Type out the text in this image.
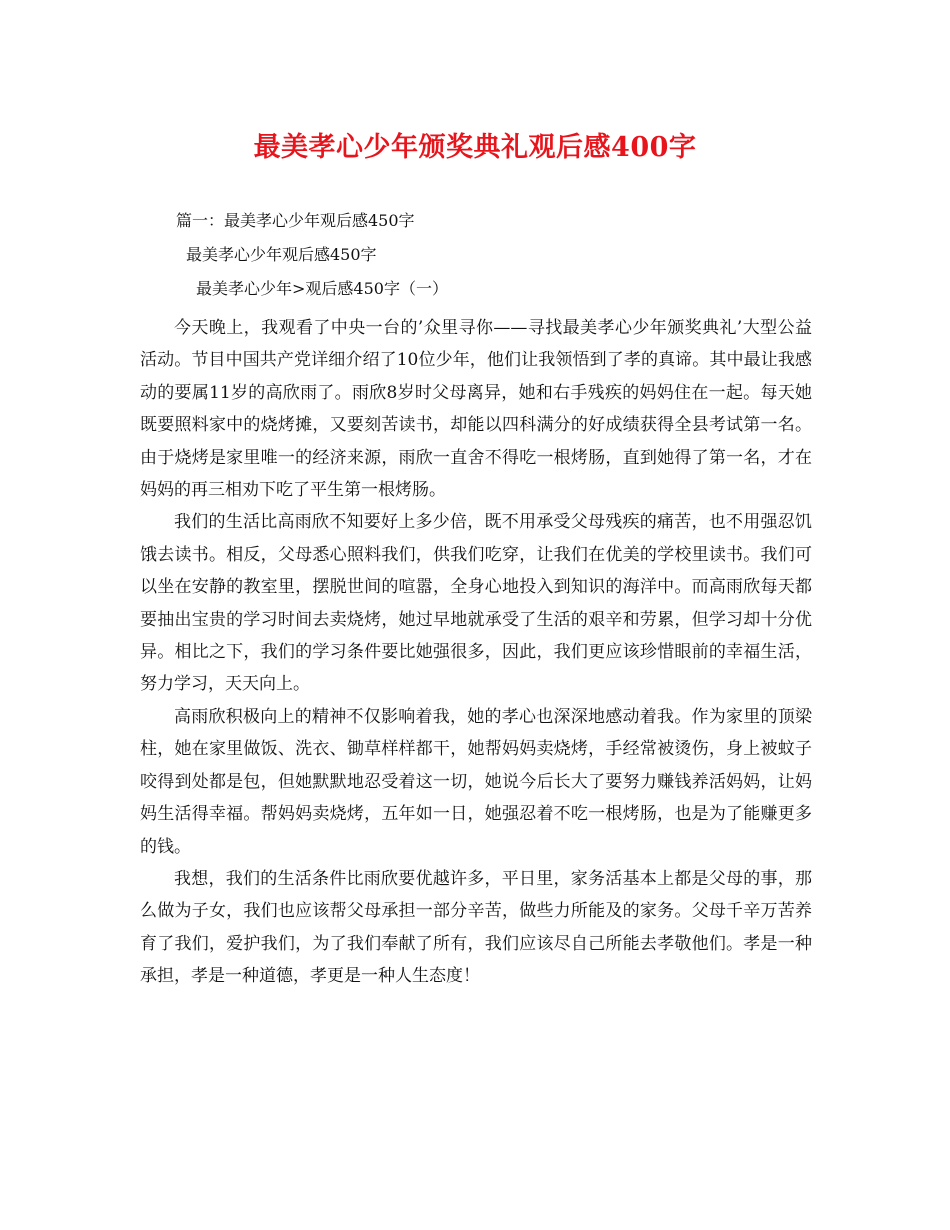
最美孝心少年颁奖典礼观后感400字
篇一：最美孝心少年观后感450字
最美孝心少年观后感450字
最美孝心少年>观后感450字（一）

今天晚上，我观看了中央一台的’众里寻你——寻找最美孝心少年颁奖典礼’大型公益活动。节目中国共产党详细介绍了10位少年，他们让我领悟到了孝的真谛。其中最让我感动的要属11岁的高欣雨了。雨欣8岁时父母离异，她和右手残疾的妈妈住在一起。每天她既要照料家中的烧烤摊，又要刻苦读书，却能以四科满分的好成绩获得全县考试第一名。由于烧烤是家里唯一的经济来源，雨欣一直舍不得吃一根烤肠，直到她得了第一名，才在妈妈的再三相劝下吃了平生第一根烤肠。

我们的生活比高雨欣不知要好上多少倍，既不用承受父母残疾的痛苦，也不用强忍饥饿去读书。相反，父母悉心照料我们，供我们吃穿，让我们在优美的学校里读书。我们可以坐在安静的教室里，摆脱世间的喧嚣，全身心地投入到知识的海洋中。而高雨欣每天都要抽出宝贵的学习时间去卖烧烤，她过早地就承受了生活的艰辛和劳累，但学习却十分优异。相比之下，我们的学习条件要比她强很多，因此，我们更应该珍惜眼前的幸福生活，努力学习，天天向上。

高雨欣积极向上的精神不仅影响着我，她的孝心也深深地感动着我。作为家里的顶梁柱，她在家里做饭、洗衣、锄草样样都干，她帮妈妈卖烧烤，手经常被烫伤，身上被蚊子咬得到处都是包，但她默默地忍受着这一切，她说今后长大了要努力赚钱养活妈妈，让妈妈生活得幸福。帮妈妈卖烧烤，五年如一日，她强忍着不吃一根烤肠，也是为了能赚更多的钱。

我想，我们的生活条件比雨欣要优越许多，平日里，家务活基本上都是父母的事，那么做为子女，我们也应该帮父母承担一部分辛苦，做些力所能及的家务。父母千辛万苦养育了我们，爱护我们，为了我们奉献了所有，我们应该尽自己所能去孝敬他们。孝是一种承担，孝是一种道德，孝更是一种人生态度！
